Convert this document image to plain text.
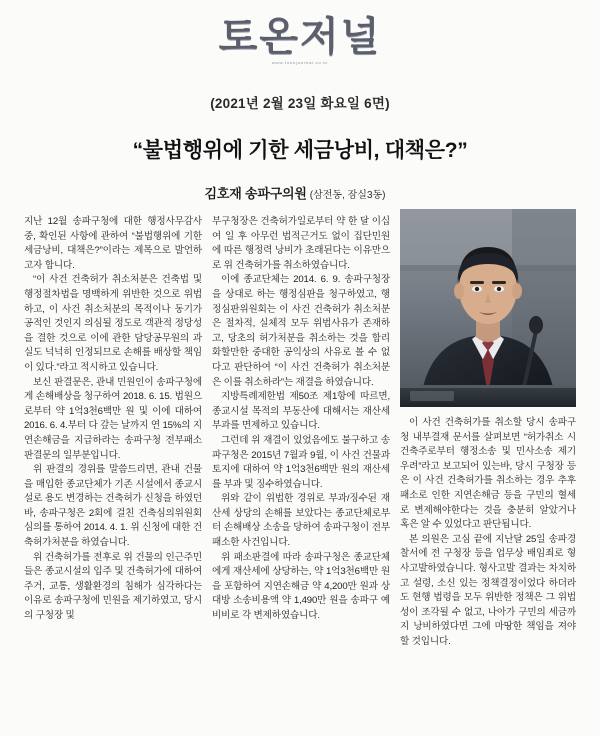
토온저널
www.toonjournal.co.kr
(2021년 2월 23일 화요일 6면)
“불법행위에 기한 세금낭비, 대책은?”
김호재 송파구의원 (삼전동, 잠실3동)

지난 12월 송파구청에 대한 행정사무감사 중, 확인된 사항에 관하여 “불법행위에 기한 세금낭비, 대책은?”이라는 제목으로 발언하고자 합니다.

“이 사건 건축허가 취소처분은 건축법 및 행정절차법을 명백하게 위반한 것으로 위법하고, 이 사건 취소처분의 목적이나 동기가 공적인 것인지 의심될 정도로 객관적 정당성을 결한 것으로 이에 관한 담당공무원의 과실도 넉넉히 인정되므로 손해를 배상할 책임이 있다.”라고 적시하고 있습니다.

보신 판결문은, 관내 민원인이 송파구청에게 손해배상을 청구하여 2018. 6. 15. 법원으로부터 약 1억3천6백만 원 및 이에 대하여 2016. 6. 4.부터 다 갚는 날까지 연 15%의 지연손해금을 지급하라는 송파구청 전부패소 판결문의 일부분입니다.

위 판결의 경위를 말씀드리면, 관내 건물을 매입한 종교단체가 기존 시설에서 종교시설로 용도 변경하는 건축허가 신청을 하였던바, 송파구청은 2회에 걸친 건축심의위원회 심의를 통하여 2014. 4. 1. 위 신청에 대한 건축허가처분을 하였습니다.

위 건축허가를 전후로 위 건물의 인근주민들은 종교시설의 입주 및 건축허가에 대하여 주거, 교통, 생활환경의 침해가 심각하다는 이유로 송파구청에 민원을 제기하였고, 당시의 구청장 및

부구청장은 건축허가일로부터 약 한 달 이십여 일 후 아무런 법적근거도 없이 집단민원에 따른 행정력 낭비가 초래된다는 이유만으로 위 건축허가를 취소하였습니다.

이에 종교단체는 2014. 6. 9. 송파구청장을 상대로 하는 행정심판을 청구하였고, 행정심판위원회는 이 사건 건축허가 취소처분은 절차적, 실체적 모두 위법사유가 존재하고, 당초의 허가처분을 취소하는 것을 합리화할만한 중대한 공익상의 사유로 볼 수 없다고 판단하여 “이 사건 건축허가 취소처분은 이를 취소하라”는 재결을 하였습니다.

지방특례제한법 제50조 제1항에 따르면, 종교시설 목적의 부동산에 대해서는 재산세 부과를 면제하고 있습니다.

그런데 위 재결이 있었음에도 불구하고 송파구청은 2015년 7월과 9월, 이 사건 건물과 토지에 대하여 약 1억3천6백만 원의 재산세를 부과 및 징수하였습니다.

위와 같이 위법한 경위로 부과/징수된 재산세 상당의 손해를 보았다는 종교단체로부터 손해배상 소송을 당하여 송파구청이 전부 패소한 사건입니다.

위 패소판결에 따라 송파구청은 종교단체에게 재산세에 상당하는, 약 1억3천6백만 원을 포함하여 지연손해금 약 4,200만 원과 상대방 소송비용액 약 1,490만 원을 송파구 예비비로 각 변제하였습니다.

이 사건 건축허가를 취소할 당시 송파구청 내부결재 문서를 살펴보면 “허가취소 시 건축주로부터 행정소송 및 민사소송 제기 우려”라고 보고되어 있는바, 당시 구청장 등은 이 사건 건축허가를 취소하는 경우 추후 패소로 인한 지연손해금 등을 구민의 혈세로 변제해야한다는 것을 충분히 알았거나 혹은 알 수 있었다고 판단됩니다.

본 의원은 고심 끝에 지난달 25일 송파경찰서에 전 구청장 등을 업무상 배임죄로 형사고발하였습니다. 형사고발 결과는 차치하고 설령, 소신 있는 정책결정이었다 하더라도 현행 법령을 모두 위반한 정책은 그 위법성이 조각될 수 없고, 나아가 구민의 세금까지 낭비하였다면 그에 마땅한 책임을 져야할 것입니다.
